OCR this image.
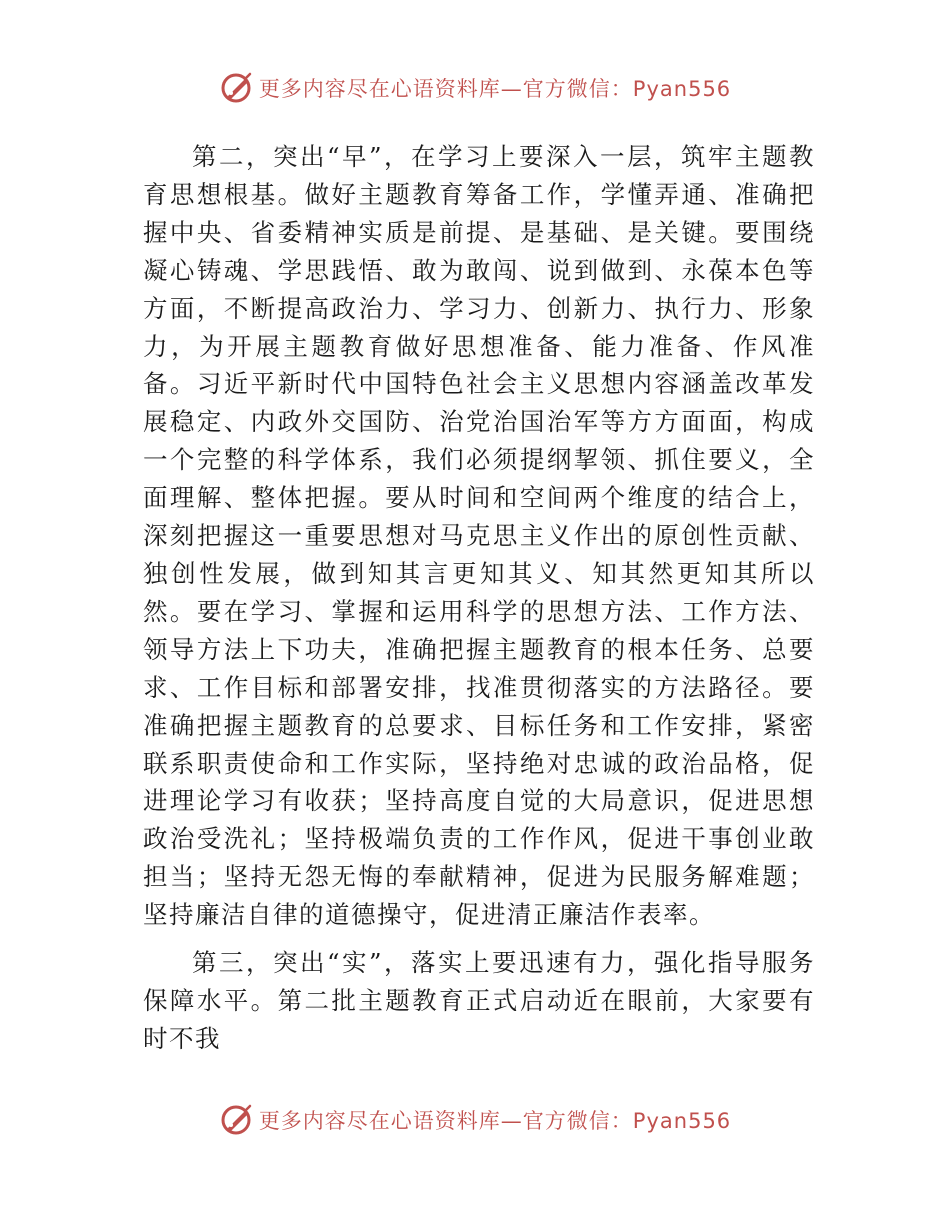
更多内容尽在心语资料库—官方微信：Pyan556

第二，突出“早”，在学习上要深入一层，筑牢主题教育思想根基。做好主题教育筹备工作，学懂弄通、准确把握中央、省委精神实质是前提、是基础、是关键。要围绕凝心铸魂、学思践悟、敢为敢闯、说到做到、永葆本色等方面，不断提高政治力、学习力、创新力、执行力、形象力，为开展主题教育做好思想准备、能力准备、作风准备。习近平新时代中国特色社会主义思想内容涵盖改革发展稳定、内政外交国防、治党治国治军等方方面面，构成一个完整的科学体系，我们必须提纲挈领、抓住要义，全面理解、整体把握。要从时间和空间两个维度的结合上，深刻把握这一重要思想对马克思主义作出的原创性贡献、独创性发展，做到知其言更知其义、知其然更知其所以然。要在学习、掌握和运用科学的思想方法、工作方法、领导方法上下功夫，准确把握主题教育的根本任务、总要求、工作目标和部署安排，找准贯彻落实的方法路径。要准确把握主题教育的总要求、目标任务和工作安排，紧密联系职责使命和工作实际，坚持绝对忠诚的政治品格，促进理论学习有收获；坚持高度自觉的大局意识，促进思想政治受洗礼；坚持极端负责的工作作风，促进干事创业敢担当；坚持无怨无悔的奉献精神，促进为民服务解难题；坚持廉洁自律的道德操守，促进清正廉洁作表率。

第三，突出“实”，落实上要迅速有力，强化指导服务保障水平。第二批主题教育正式启动近在眼前，大家要有时不我

更多内容尽在心语资料库—官方微信：Pyan556
